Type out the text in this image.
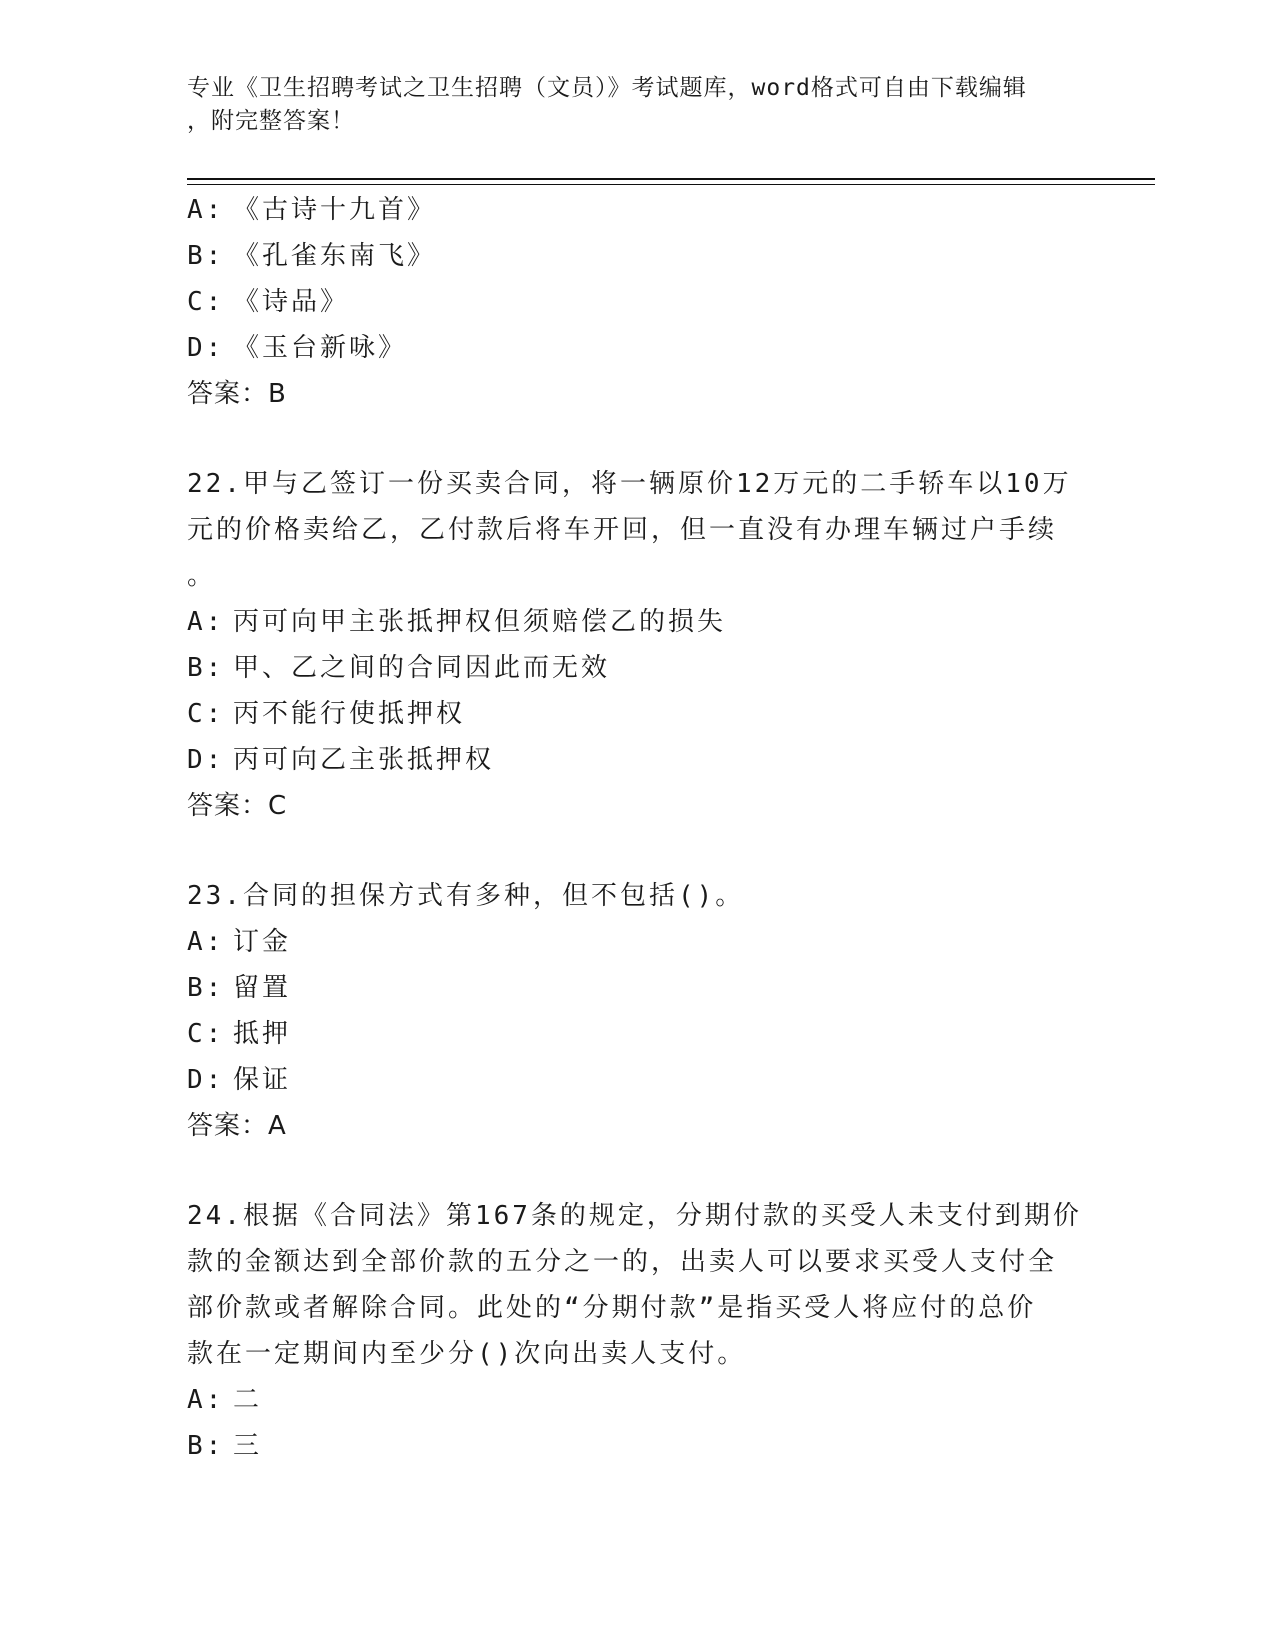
专业《卫生招聘考试之卫生招聘（文员）》考试题库，word格式可自由下载编辑
，附完整答案！
A: 《古诗十九首》
B: 《孔雀东南飞》
C: 《诗品》
D: 《玉台新咏》
答案：B
22.甲与乙签订一份买卖合同，将一辆原价12万元的二手轿车以10万
元的价格卖给乙，乙付款后将车开回，但一直没有办理车辆过户手续
。
A: 丙可向甲主张抵押权但须赔偿乙的损失
B: 甲、乙之间的合同因此而无效
C: 丙不能行使抵押权
D: 丙可向乙主张抵押权
答案：C
23.合同的担保方式有多种，但不包括()。
A: 订金
B: 留置
C: 抵押
D: 保证
答案：A
24.根据《合同法》第167条的规定，分期付款的买受人未支付到期价
款的金额达到全部价款的五分之一的，出卖人可以要求买受人支付全
部价款或者解除合同。此处的“分期付款”是指买受人将应付的总价
款在一定期间内至少分()次向出卖人支付。
A: 二
B: 三
